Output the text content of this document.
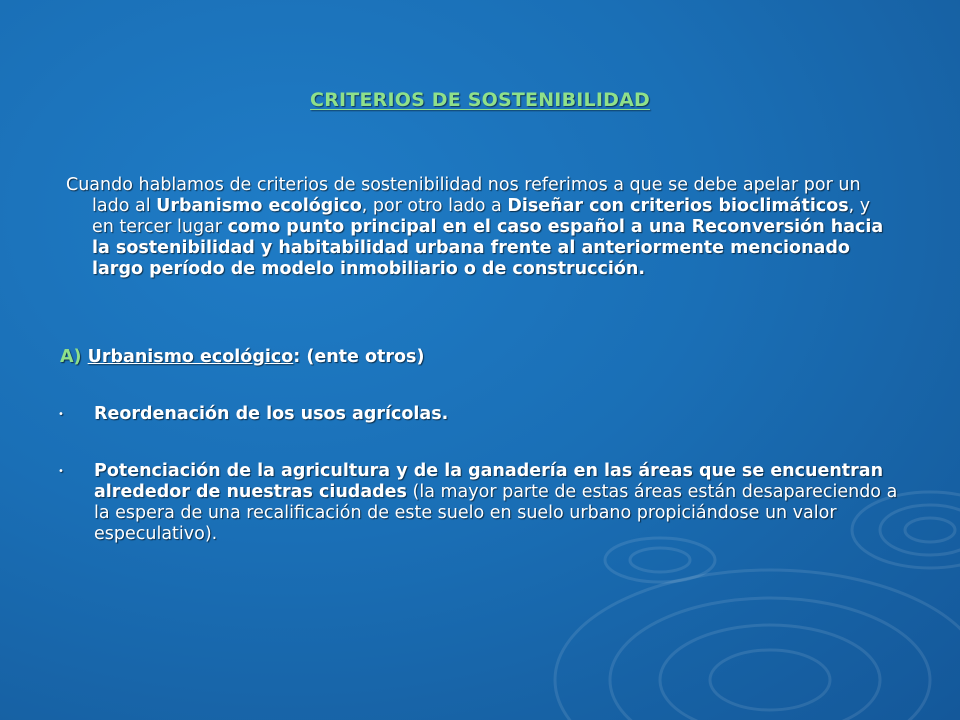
CRITERIOS DE SOSTENIBILIDAD
Cuando hablamos de criterios de sostenibilidad nos referimos a que se debe apelar por un lado al Urbanismo ecológico, por otro lado a Diseñar con criterios bioclimáticos, y en tercer lugar como punto principal en el caso español a una Reconversión hacia la sostenibilidad y habitabilidad urbana frente al anteriormente mencionado largo período de modelo inmobiliario o de construcción.
A) Urbanismo ecológico: (ente otros)
•	Reordenación de los usos agrícolas.
•	Potenciación de la agricultura y de la ganadería en las áreas que se encuentran alrededor de nuestras ciudades (la mayor parte de estas áreas están desapareciendo a la espera de una recalificación de este suelo en suelo urbano propiciándose un valor especulativo).
